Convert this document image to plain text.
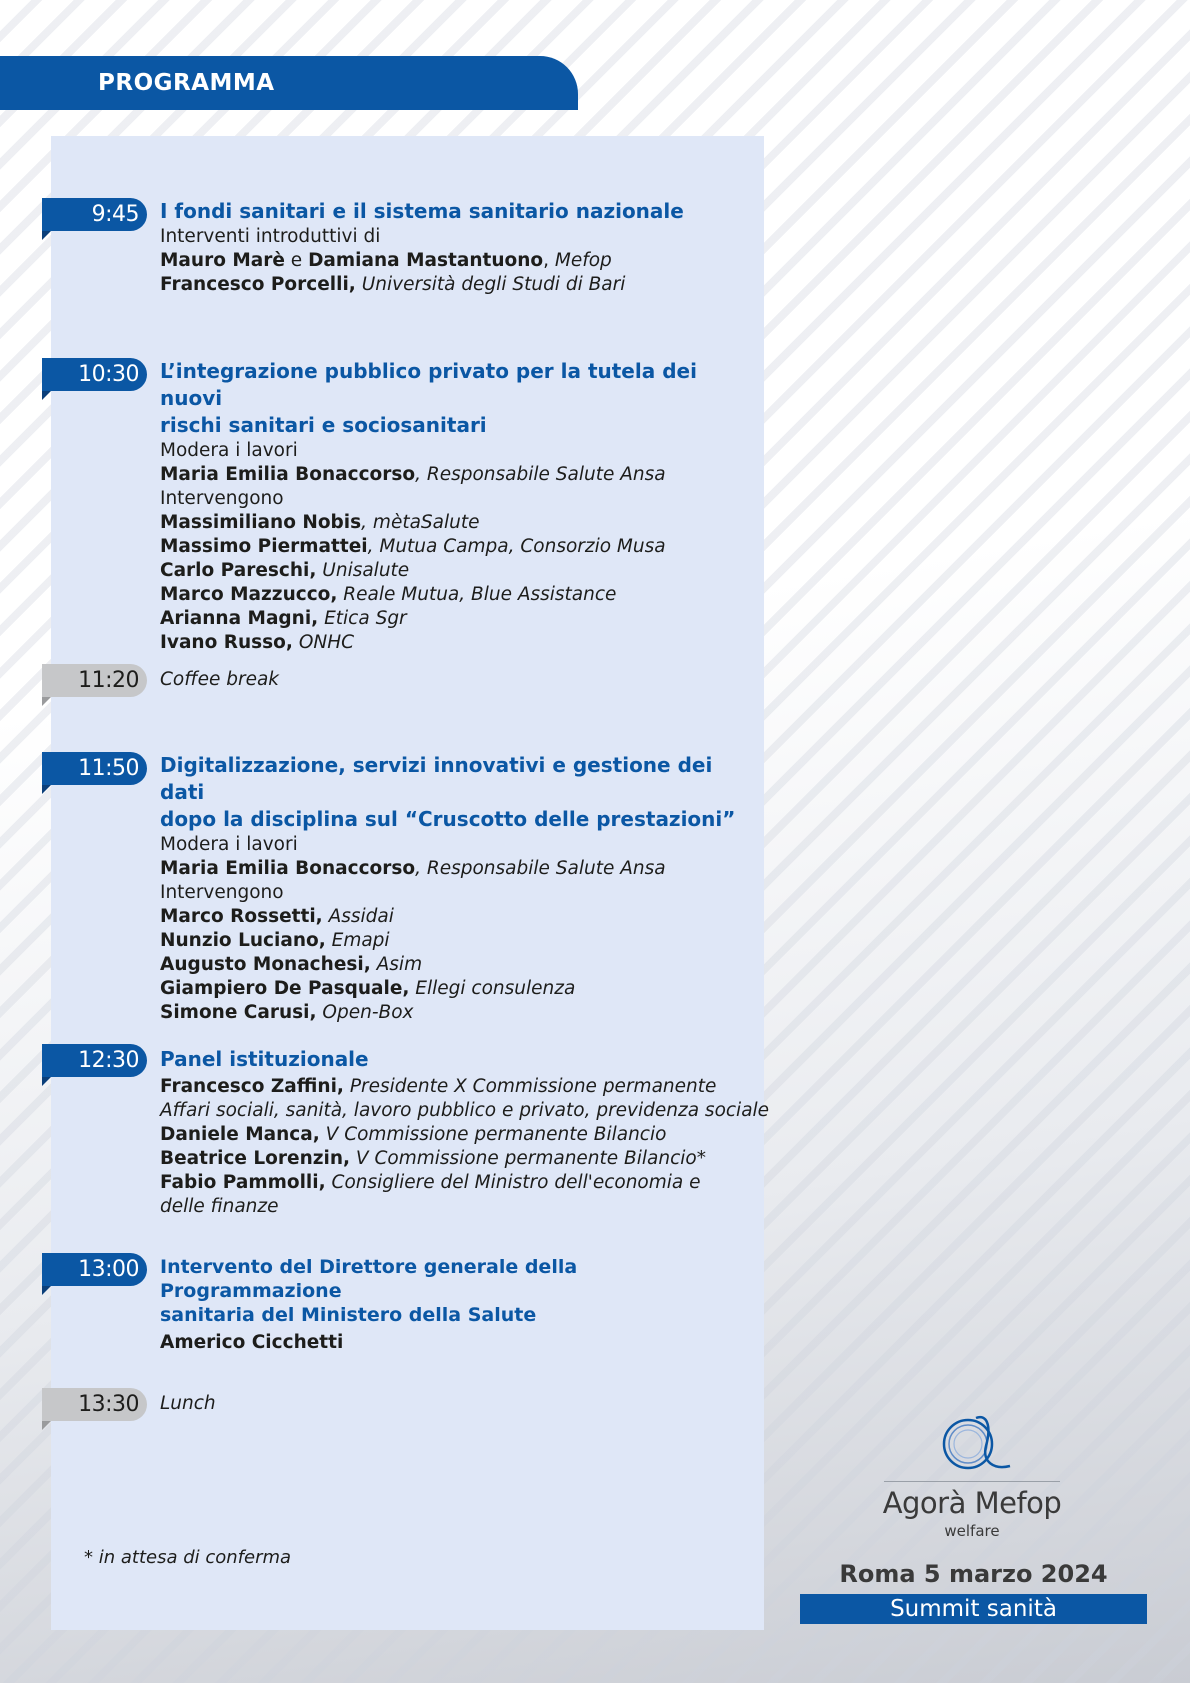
PROGRAMMA
9:45	I fondi sanitari e il sistema sanitario nazionale
Interventi introduttivi di
Mauro Marè e Damiana Mastantuono, Mefop
Francesco Porcelli, Università degli Studi di Bari
10:30	L’integrazione pubblico privato per la tutela dei nuovi
rischi sanitari e sociosanitari
Modera i lavori
Maria Emilia Bonaccorso, Responsabile Salute Ansa
Intervengono
Massimiliano Nobis, mètaSalute
Massimo Piermattei, Mutua Campa, Consorzio Musa
Carlo Pareschi, Unisalute
Marco Mazzucco, Reale Mutua, Blue Assistance
Arianna Magni, Etica Sgr
Ivano Russo, ONHC
11:20	Coffee break
11:50	Digitalizzazione, servizi innovativi e gestione dei dati
dopo la disciplina sul “Cruscotto delle prestazioni”
Modera i lavori
Maria Emilia Bonaccorso, Responsabile Salute Ansa
Intervengono
Marco Rossetti, Assidai
Nunzio Luciano, Emapi
Augusto Monachesi, Asim
Giampiero De Pasquale, Ellegi consulenza
Simone Carusi, Open-Box
12:30	Panel istituzionale
Francesco Zaffini, Presidente X Commissione permanente
Affari sociali, sanità, lavoro pubblico e privato, previdenza sociale
Daniele Manca, V Commissione permanente Bilancio
Beatrice Lorenzin, V Commissione permanente Bilancio*
Fabio Pammolli, Consigliere del Ministro dell'economia e
delle finanze
13:00	Intervento del Direttore generale della Programmazione
sanitaria del Ministero della Salute
Americo Cicchetti
13:30	Lunch
* in attesa di conferma
Agorà Mefop
welfare
Roma 5 marzo 2024
Summit sanità
